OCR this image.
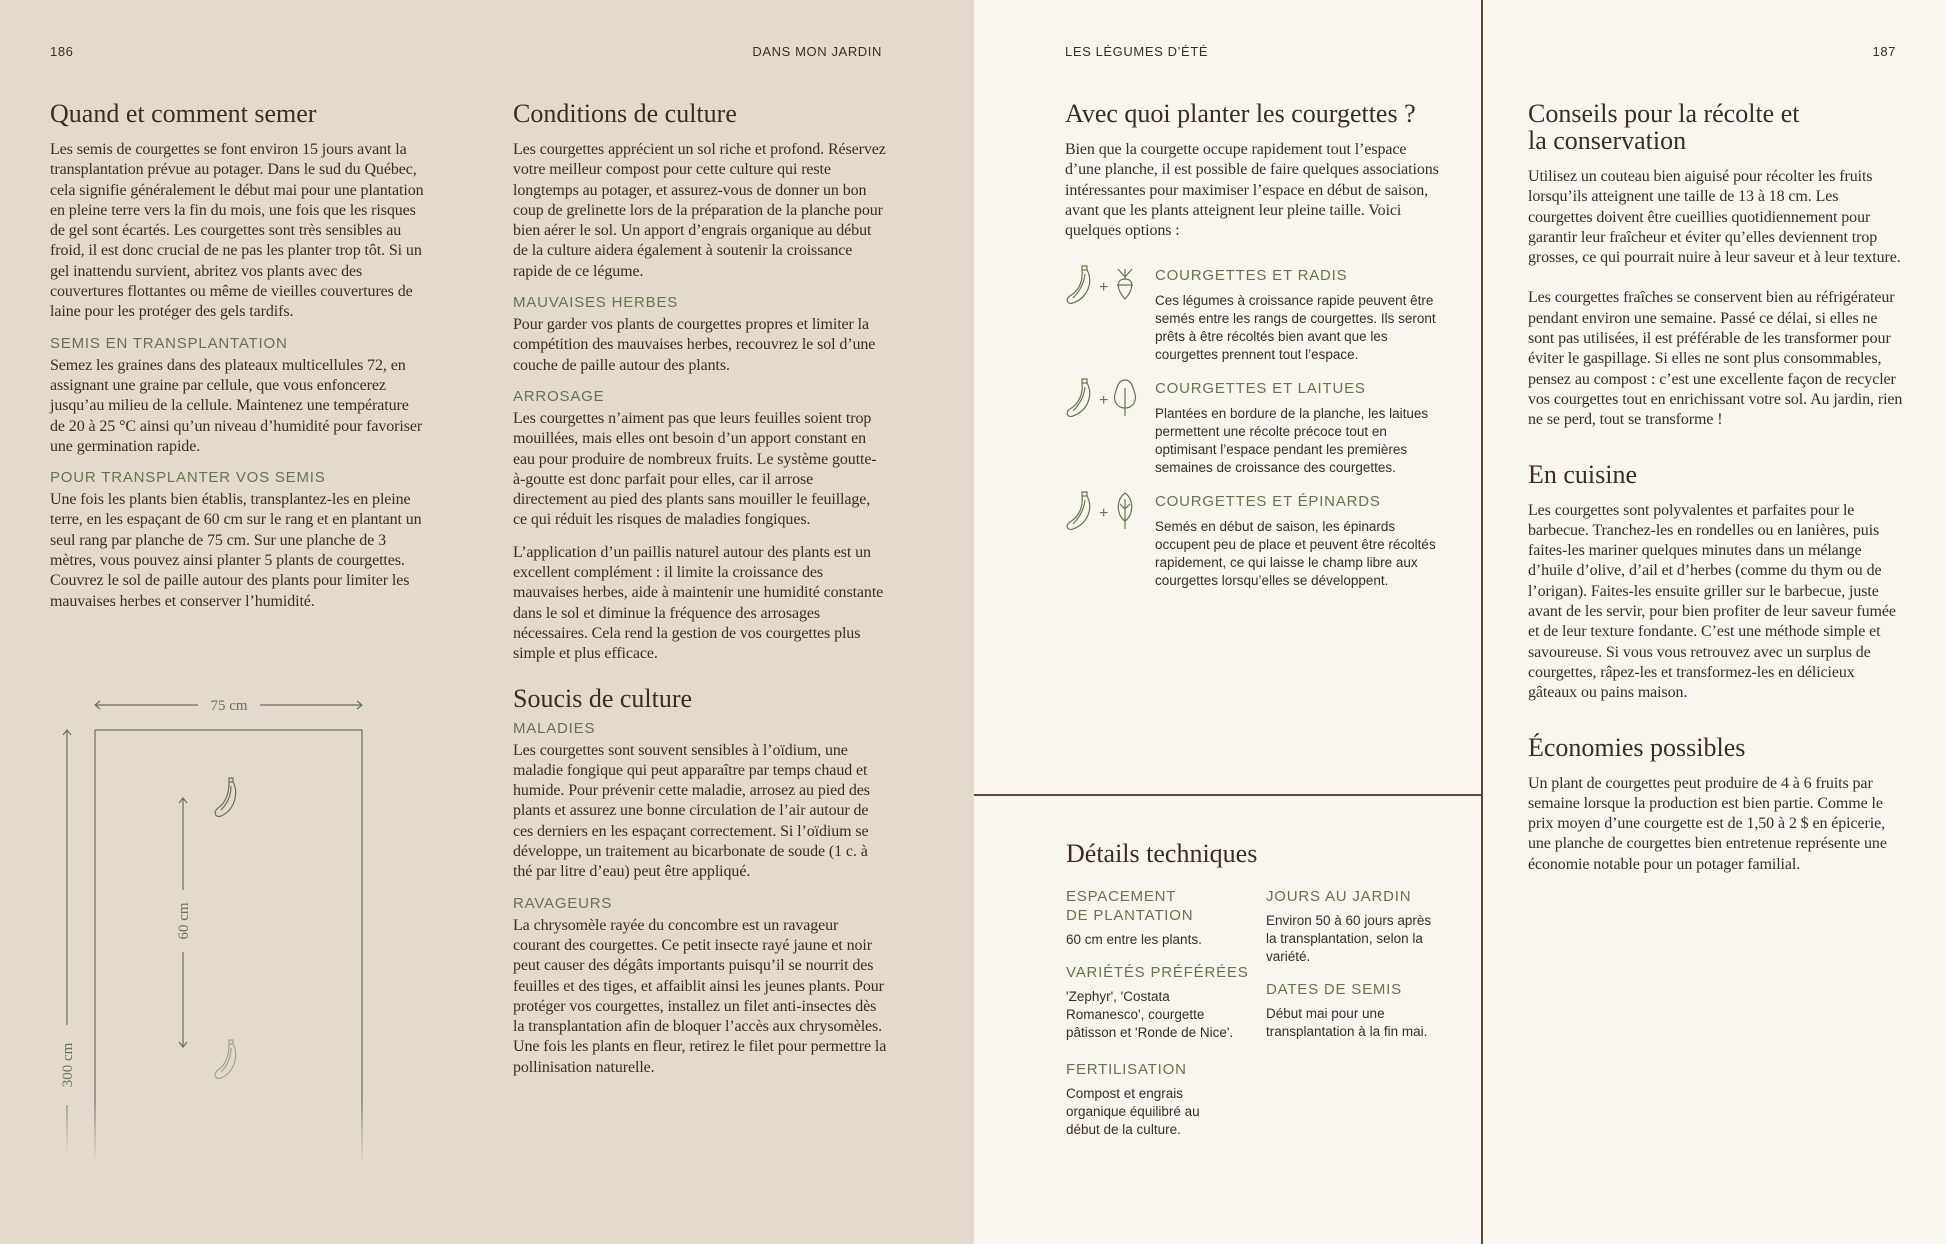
186	DANS MON JARDIN	LES LÉGUMES D’ÉTÉ	187
Quand et comment semer

Les semis de courgettes se font environ 15 jours avant la transplantation prévue au potager. Dans le sud du Québec, cela signifie généralement le début mai pour une plantation en pleine terre vers la fin du mois, une fois que les risques de gel sont écartés. Les courgettes sont très sensibles au froid, il est donc crucial de ne pas les planter trop tôt. Si un gel inattendu survient, abritez vos plants avec des couvertures flottantes ou même de vieilles couvertures de laine pour les protéger des gels tardifs.

SEMIS EN TRANSPLANTATION

Semez les graines dans des plateaux multicellules 72, en assignant une graine par cellule, que vous enfoncerez jusqu’au milieu de la cellule. Maintenez une température de 20 à 25 °C ainsi qu’un niveau d’humidité pour favoriser une germination rapide.

POUR TRANSPLANTER VOS SEMIS

Une fois les plants bien établis, transplantez-les en pleine terre, en les espaçant de 60 cm sur le rang et en plantant un seul rang par planche de 75 cm. Sur une planche de 3 mètres, vous pouvez ainsi planter 5 plants de courgettes. Couvrez le sol de paille autour des plants pour limiter les mauvaises herbes et conserver l’humidité.

75 cm
60 cm
300 cm
Conditions de culture

Les courgettes apprécient un sol riche et profond. Réservez votre meilleur compost pour cette culture qui reste longtemps au potager, et assurez-vous de donner un bon coup de grelinette lors de la préparation de la planche pour bien aérer le sol. Un apport d’engrais organique au début de la culture aidera également à soutenir la croissance rapide de ce légume.

MAUVAISES HERBES

Pour garder vos plants de courgettes propres et limiter la compétition des mauvaises herbes, recouvrez le sol d’une couche de paille autour des plants.

ARROSAGE

Les courgettes n’aiment pas que leurs feuilles soient trop mouillées, mais elles ont besoin d’un apport constant en eau pour produire de nombreux fruits. Le système goutte-à-goutte est donc parfait pour elles, car il arrose directement au pied des plants sans mouiller le feuillage, ce qui réduit les risques de maladies fongiques.

L’application d’un paillis naturel autour des plants est un excellent complément : il limite la croissance des mauvaises herbes, aide à maintenir une humidité constante dans le sol et diminue la fréquence des arrosages nécessaires. Cela rend la gestion de vos courgettes plus simple et plus efficace.

Soucis de culture
MALADIES

Les courgettes sont souvent sensibles à l’oïdium, une maladie fongique qui peut apparaître par temps chaud et humide. Pour prévenir cette maladie, arrosez au pied des plants et assurez une bonne circulation de l’air autour de ces derniers en les espaçant correctement. Si l’oïdium se développe, un traitement au bicarbonate de soude (1 c. à thé par litre d’eau) peut être appliqué.

RAVAGEURS

La chrysomèle rayée du concombre est un ravageur courant des courgettes. Ce petit insecte rayé jaune et noir peut causer des dégâts importants puisqu’il se nourrit des feuilles et des tiges, et affaiblit ainsi les jeunes plants. Pour protéger vos courgettes, installez un filet anti-insectes dès la transplantation afin de bloquer l’accès aux chrysomèles. Une fois les plants en fleur, retirez le filet pour permettre la pollinisation naturelle.

Avec quoi planter les courgettes ?

Bien que la courgette occupe rapidement tout l’espace d’une planche, il est possible de faire quelques associations intéressantes pour maximiser l’espace en début de saison, avant que les plants atteignent leur pleine taille. Voici quelques options :

+
COURGETTES ET RADIS
Ces légumes à croissance rapide peuvent être semés entre les rangs de courgettes. Ils seront prêts à être récoltés bien avant que les courgettes prennent tout l’espace.
+
COURGETTES ET LAITUES
Plantées en bordure de la planche, les laitues permettent une récolte précoce tout en optimisant l’espace pendant les premières semaines de croissance des courgettes.
+
COURGETTES ET ÉPINARDS
Semés en début de saison, les épinards occupent peu de place et peuvent être récoltés rapidement, ce qui laisse le champ libre aux courgettes lorsqu’elles se développent.
Détails techniques
ESPACEMENT
DE PLANTATION
60 cm entre les plants.
VARIÉTÉS PRÉFÉRÉES
'Zephyr', 'Costata Romanesco', courgette pâtisson et 'Ronde de Nice'.
FERTILISATION
Compost et engrais organique équilibré au début de la culture.
JOURS AU JARDIN
Environ 50 à 60 jours après la transplantation, selon la variété.
DATES DE SEMIS
Début mai pour une transplantation à la fin mai.
Conseils pour la récolte et la conservation

Utilisez un couteau bien aiguisé pour récolter les fruits lorsqu’ils atteignent une taille de 13 à 18 cm. Les courgettes doivent être cueillies quotidiennement pour garantir leur fraîcheur et éviter qu’elles deviennent trop grosses, ce qui pourrait nuire à leur saveur et à leur texture.

Les courgettes fraîches se conservent bien au réfrigérateur pendant environ une semaine. Passé ce délai, si elles ne sont pas utilisées, il est préférable de les transformer pour éviter le gaspillage. Si elles ne sont plus consommables, pensez au compost : c’est une excellente façon de recycler vos courgettes tout en enrichissant votre sol. Au jardin, rien ne se perd, tout se transforme !

En cuisine

Les courgettes sont polyvalentes et parfaites pour le barbecue. Tranchez-les en rondelles ou en lanières, puis faites-les mariner quelques minutes dans un mélange d’huile d’olive, d’ail et d’herbes (comme du thym ou de l’origan). Faites-les ensuite griller sur le barbecue, juste avant de les servir, pour bien profiter de leur saveur fumée et de leur texture fondante. C’est une méthode simple et savoureuse. Si vous vous retrouvez avec un surplus de courgettes, râpez-les et transformez-les en délicieux gâteaux ou pains maison.

Économies possibles

Un plant de courgettes peut produire de 4 à 6 fruits par semaine lorsque la production est bien partie. Comme le prix moyen d’une courgette est de 1,50 à 2 $ en épicerie, une planche de courgettes bien entretenue représente une économie notable pour un potager familial.
